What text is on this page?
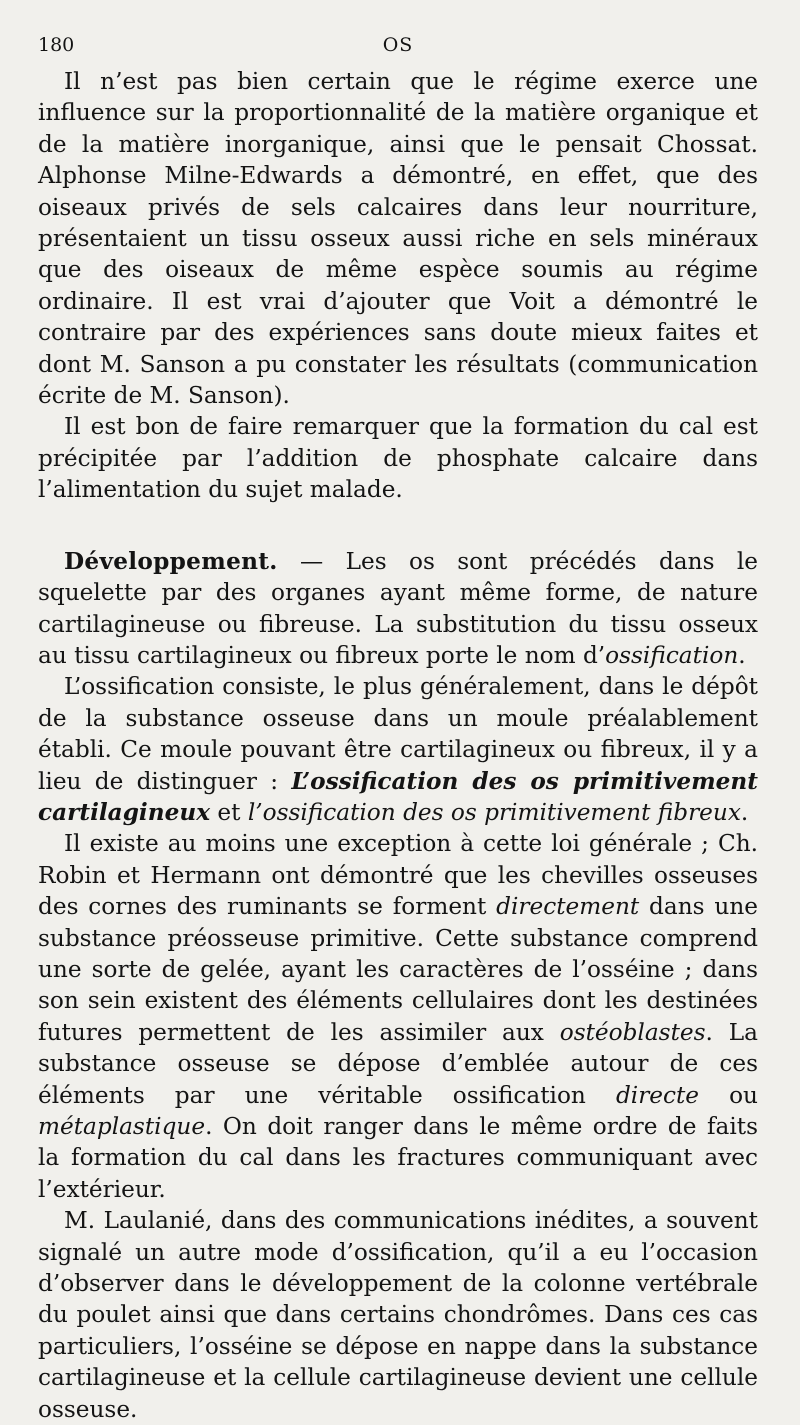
180	OS

Il n’est pas bien certain que le régime exerce une influence sur la proportionnalité de la matière organique et de la matière inorganique, ainsi que le pensait Chossat. Alphonse Milne-Edwards a démontré, en effet, que des oiseaux privés de sels calcaires dans leur nourriture, présentaient un tissu osseux aussi riche en sels minéraux que des oiseaux de même espèce soumis au régime ordinaire. Il est vrai d’ajouter que Voit a démontré le contraire par des expériences sans doute mieux faites et dont M. Sanson a pu constater les résultats (communication écrite de M. Sanson).

Il est bon de faire remarquer que la formation du cal est précipitée par l’addition de phosphate calcaire dans l’alimentation du sujet malade.

Développement. — Les os sont précédés dans le squelette par des organes ayant même forme, de nature cartilagineuse ou fibreuse. La substitution du tissu osseux au tissu cartilagineux ou fibreux porte le nom d’ossification.

L’ossification consiste, le plus généralement, dans le dépôt de la substance osseuse dans un moule préalablement établi. Ce moule pouvant être cartilagineux ou fibreux, il y a lieu de distinguer : L’ossification des os primitivement cartilagineux et l’ossification des os primitivement fibreux.

Il existe au moins une exception à cette loi générale ; Ch. Robin et Hermann ont démontré que les chevilles osseuses des cornes des ruminants se forment directement dans une substance préosseuse primitive. Cette substance comprend une sorte de gelée, ayant les caractères de l’osséine ; dans son sein existent des éléments cellulaires dont les destinées futures permettent de les assimiler aux ostéoblastes. La substance osseuse se dépose d’emblée autour de ces éléments par une véritable ossification directe ou métaplastique. On doit ranger dans le même ordre de faits la formation du cal dans les fractures communiquant avec l’extérieur.

M. Laulanié, dans des communications inédites, a souvent signalé un autre mode d’ossification, qu’il a eu l’occasion d’observer dans le développement de la colonne vertébrale du poulet ainsi que dans certains chondrômes. Dans ces cas particuliers, l’osséine se dépose en nappe dans la substance cartilagineuse et la cellule cartilagineuse devient une cellule osseuse.
